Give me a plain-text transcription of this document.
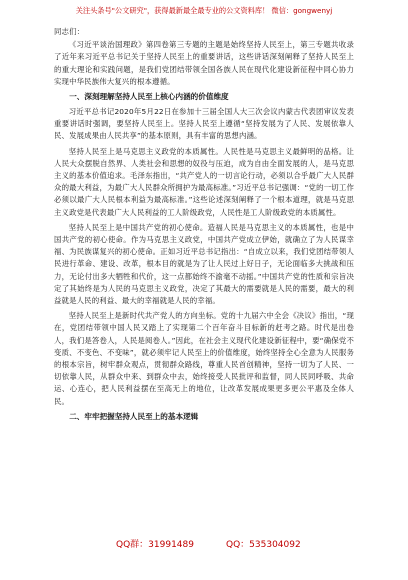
关注头条号"公文研究"，获得最新最全最专业的公文资料库！ 微信：gongwenyj

同志们：

《习近平谈治国理政》第四卷第三专题的主题是始终坚持人民至上，第三专题共收录了近年来习近平总书记关于坚持人民至上的重要讲话，这些讲话深刻阐释了坚持人民至上的重大理论和实践问题，是我们党团结带领全国各族人民在现代化建设新征程中同心协力实现中华民族伟大复兴的根本遵循。

一、深刻理解坚持人民至上核心内涵的价值维度

习近平总书记2020年5月22日在参加十三届全国人大三次会议内蒙古代表团审议发表重要讲话时强调，要坚持人民至上。坚持人民至上遵循“坚持发展为了人民、发展依靠人民、发展成果由人民共享”的基本原则，具有丰富的思想内涵。

坚持人民至上是马克思主义政党的本质属性。人民性是马克思主义最鲜明的品格。让人民大众摆脱自然界、人类社会和思想的奴役与压迫，成为自由全面发展的人，是马克思主义的基本价值追求。毛泽东指出，“共产党人的一切言论行动，必须以合乎最广大人民群众的最大利益，为最广大人民群众所拥护为最高标准。”习近平总书记强调：“党的一切工作必须以最广大人民根本利益为最高标准。”这些论述深刻阐释了一个根本道理，就是马克思主义政党是代表最广大人民利益的工人阶级政党，人民性是工人阶级政党的本质属性。

坚持人民至上是中国共产党的初心使命。造福人民是马克思主义的本质属性，也是中国共产党的初心使命。作为马克思主义政党，中国共产党成立伊始，就确立了为人民谋幸福、为民族谋复兴的初心使命。正如习近平总书记指出：“自成立以来，我们党团结带领人民进行革命、建设、改革，根本目的就是为了让人民过上好日子，无论面临多大挑战和压力，无论付出多大牺牲和代价，这一点都始终不渝毫不动摇。”中国共产党的性质和宗旨决定了其始终是为人民的马克思主义政党，决定了其最大的需要就是人民的需要，最大的利益就是人民的利益、最大的幸福就是人民的幸福。

坚持人民至上是新时代共产党人的方向坐标。党的十九届六中全会《决议》指出，“现在，党团结带领中国人民又踏上了实现第二个百年奋斗目标新的赶考之路。时代是出卷人，我们是答卷人，人民是阅卷人。”因此，在社会主义现代化建设新征程中，要“确保党不变质、不变色、不变味”，就必须牢记人民至上的价值维度，始终坚持全心全意为人民服务的根本宗旨，树牢群众观点，贯彻群众路线，尊重人民首创精神，坚持一切为了人民、一切依靠人民，从群众中来、到群众中去，始终接受人民批评和监督，同人民同呼吸、共命运、心连心，把人民利益摆在至高无上的地位，让改革发展成果更多更公平惠及全体人民。

二、牢牢把握坚持人民至上的基本逻辑
QQ群：31991489	QQ：535304092
